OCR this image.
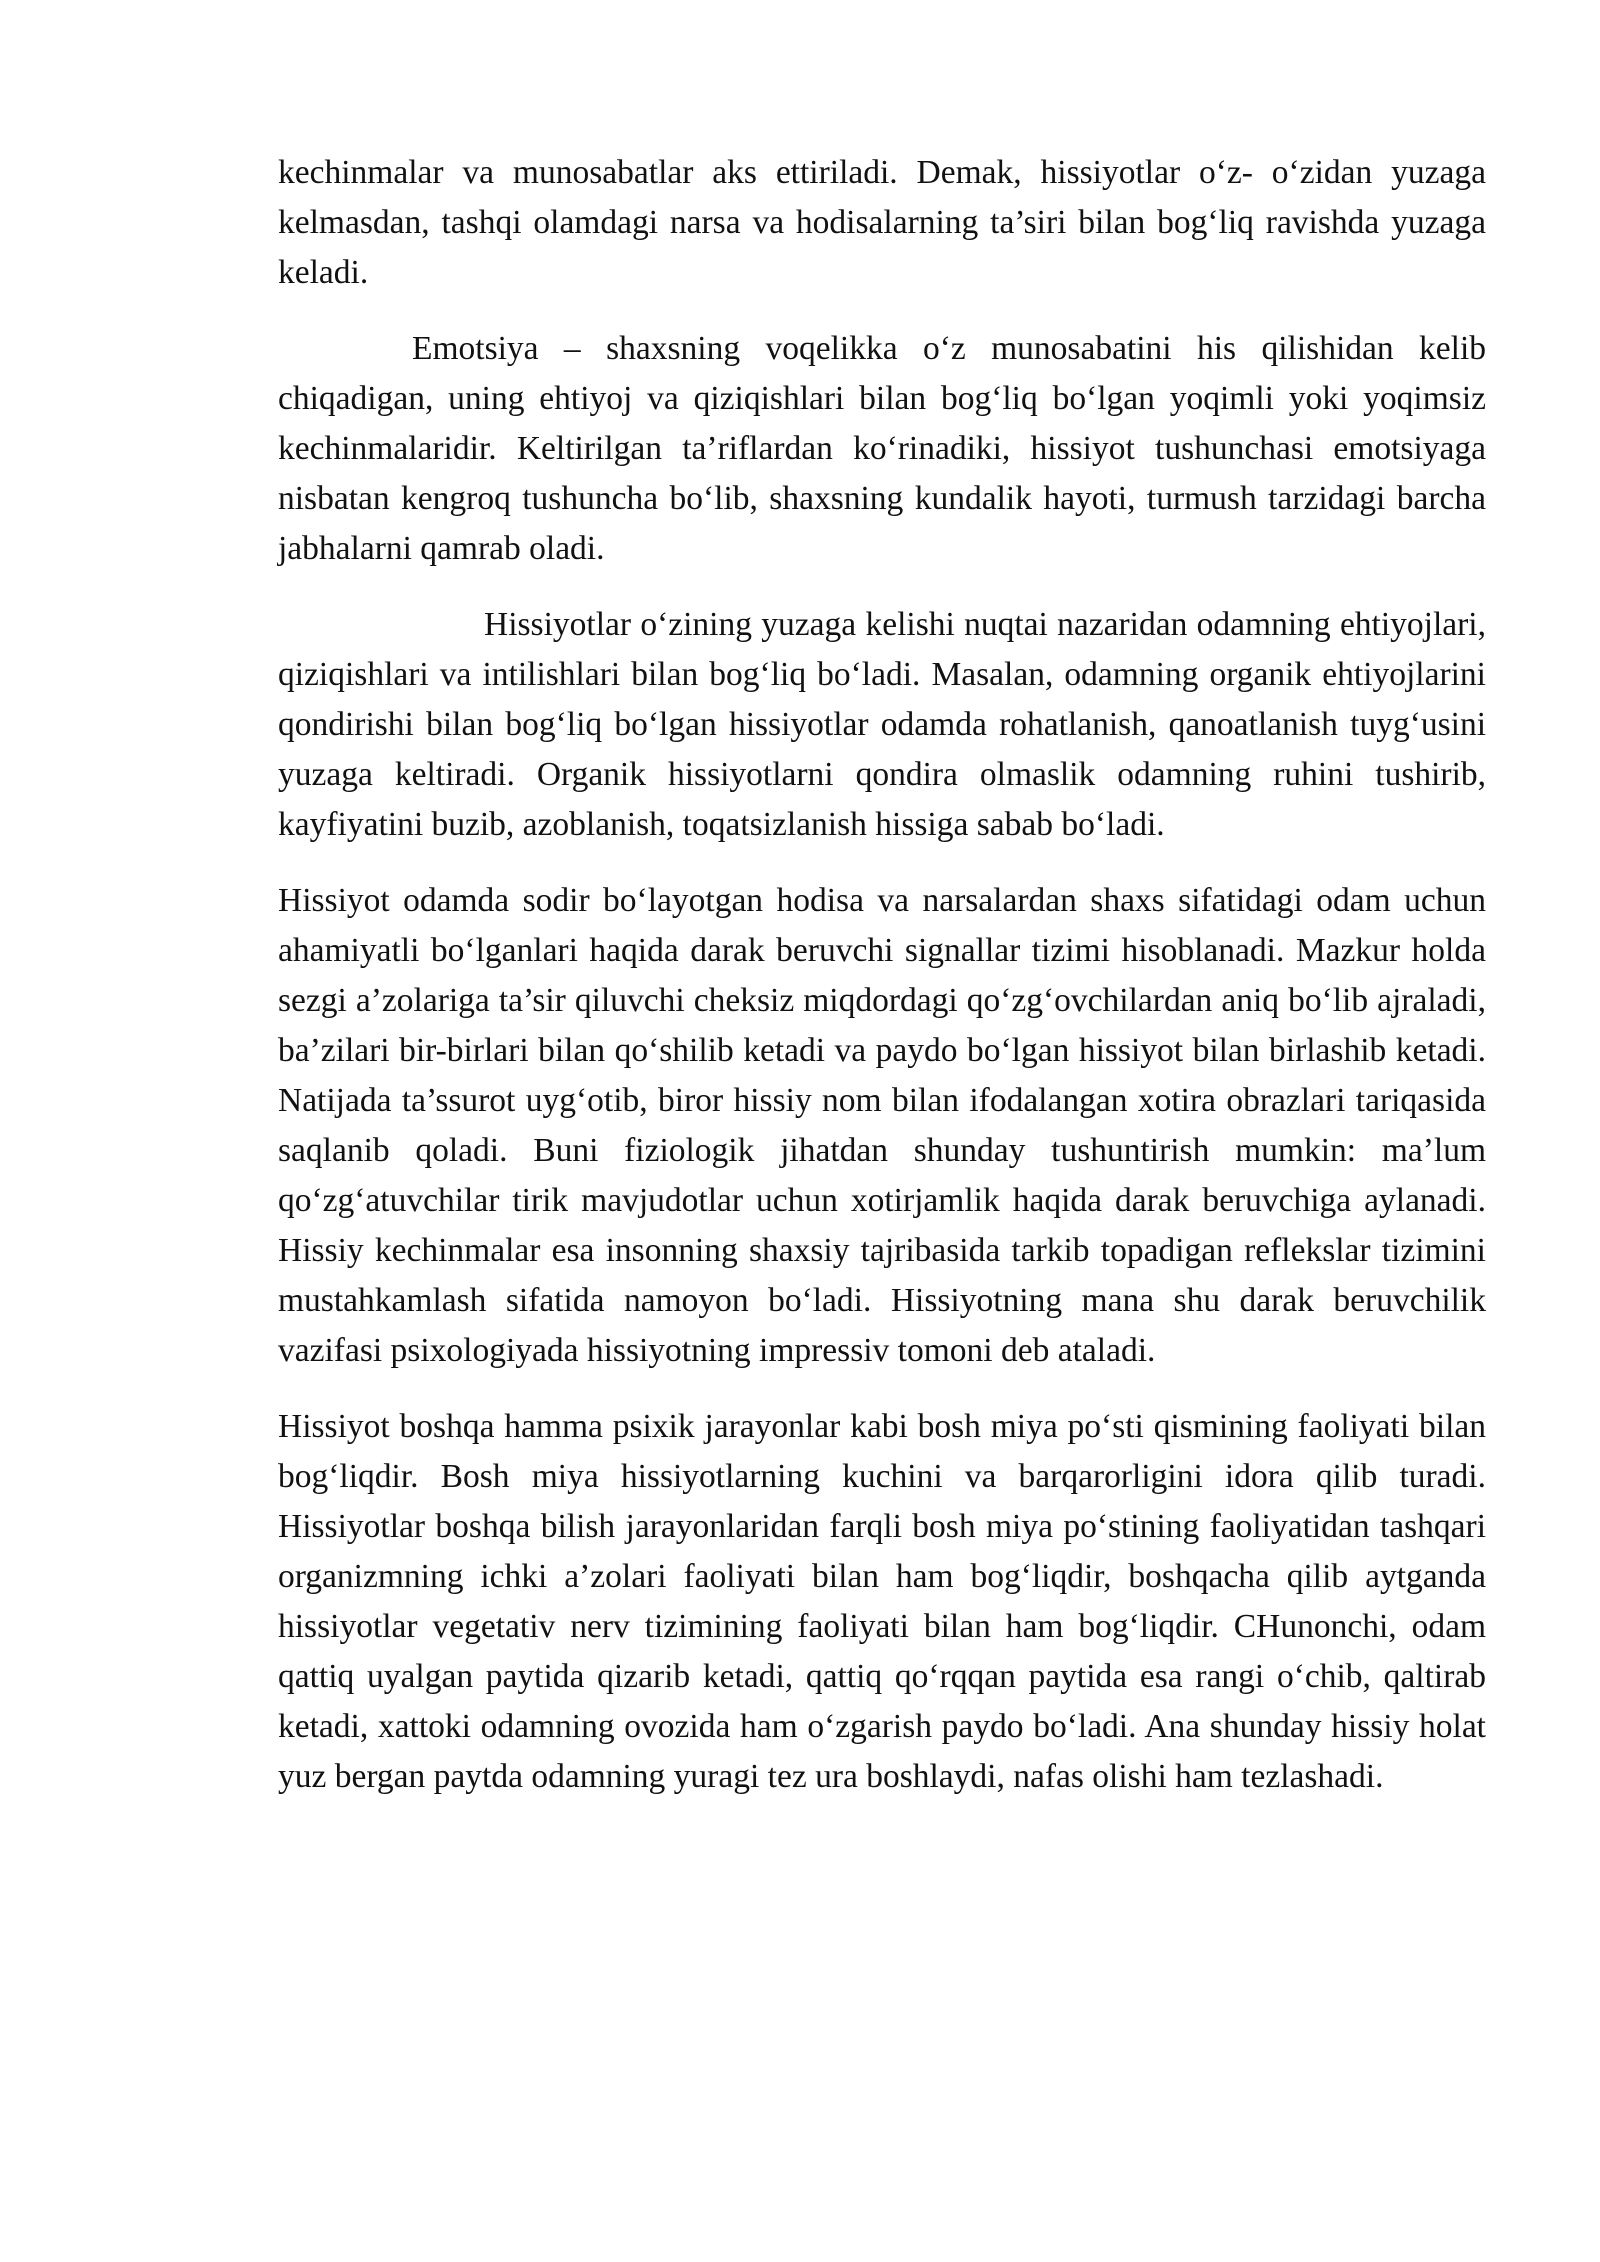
kechinmalar va munosabatlar aks ettiriladi. Demak, hissiyotlar o‘z- o‘zidan yuzaga kelmasdan, tashqi olamdagi narsa va hodisalarning ta’siri bilan bog‘liq ravishda yuzaga keladi.

Emotsiya – shaxsning voqelikka o‘z munosabatini his qilishidan kelib chiqadigan, uning ehtiyoj va qiziqishlari bilan bog‘liq bo‘lgan yoqimli yoki yoqimsiz kechinmalaridir. Keltirilgan ta’riflardan ko‘rinadiki, hissiyot tushunchasi emotsiyaga nisbatan kengroq tushuncha bo‘lib, shaxsning kundalik hayoti, turmush tarzidagi barcha jabhalarni qamrab oladi.

Hissiyotlar o‘zining yuzaga kelishi nuqtai nazaridan odamning ehtiyojlari, qiziqishlari va intilishlari bilan bog‘liq bo‘ladi. Masalan, odamning organik ehtiyojlarini qondirishi bilan bog‘liq bo‘lgan hissiyotlar odamda rohatlanish, qanoatlanish tuyg‘usini yuzaga keltiradi. Organik hissiyotlarni qondira olmaslik odamning ruhini tushirib, kayfiyatini buzib, azoblanish, toqatsizlanish hissiga sabab bo‘ladi.

Hissiyot odamda sodir bo‘layotgan hodisa va narsalardan shaxs sifatidagi odam uchun ahamiyatli bo‘lganlari haqida darak beruvchi signallar tizimi hisoblanadi. Mazkur holda sezgi a’zolariga ta’sir qiluvchi cheksiz miqdordagi qo‘zg‘ovchilardan aniq bo‘lib ajraladi, ba’zilari bir-birlari bilan qo‘shilib ketadi va paydo bo‘lgan hissiyot bilan birlashib ketadi. Natijada ta’ssurot uyg‘otib, biror hissiy nom bilan ifodalangan xotira obrazlari tariqasida saqlanib qoladi. Buni fiziologik jihatdan shunday tushuntirish mumkin: ma’lum qo‘zg‘atuvchilar tirik mavjudotlar uchun xotirjamlik haqida darak beruvchiga aylanadi. Hissiy kechinmalar esa insonning shaxsiy tajribasida tarkib topadigan reflekslar tizimini mustahkamlash sifatida namoyon bo‘ladi. Hissiyotning mana shu darak beruvchilik vazifasi psixologiyada hissiyotning impressiv tomoni deb ataladi.

Hissiyot boshqa hamma psixik jarayonlar kabi bosh miya po‘sti qismining faoliyati bilan bog‘liqdir. Bosh miya hissiyotlarning kuchini va barqarorligini idora qilib turadi. Hissiyotlar boshqa bilish jarayonlaridan farqli bosh miya po‘stining faoliyatidan tashqari organizmning ichki a’zolari faoliyati bilan ham bog‘liqdir, boshqacha qilib aytganda hissiyotlar vegetativ nerv tizimining faoliyati bilan ham bog‘liqdir. CHunonchi, odam qattiq uyalgan paytida qizarib ketadi, qattiq qo‘rqqan paytida esa rangi o‘chib, qaltirab ketadi, xattoki odamning ovozida ham o‘zgarish paydo bo‘ladi. Ana shunday hissiy holat yuz bergan paytda odamning yuragi tez ura boshlaydi, nafas olishi ham tezlashadi.
